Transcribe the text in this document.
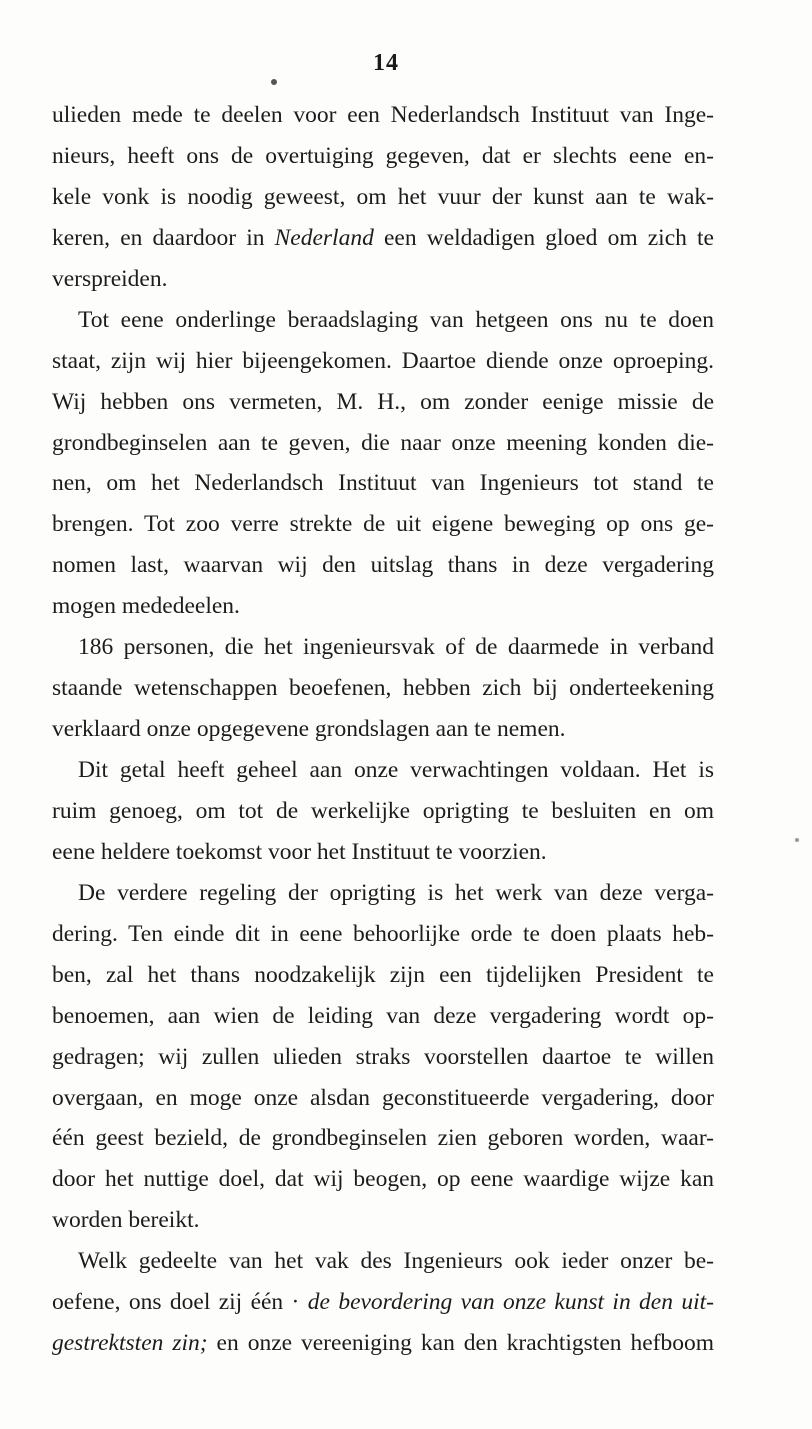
14
ulieden mede te deelen voor een Nederlandsch Instituut van Inge-
nieurs, heeft ons de overtuiging gegeven, dat er slechts eene en-
kele vonk is noodig geweest, om het vuur der kunst aan te wak-
keren, en daardoor in Nederland een weldadigen gloed om zich te
verspreiden.
Tot eene onderlinge beraadslaging van hetgeen ons nu te doen
staat, zijn wij hier bijeengekomen. Daartoe diende onze oproeping.
Wij hebben ons vermeten, M. H., om zonder eenige missie de
grondbeginselen aan te geven, die naar onze meening konden die-
nen, om het Nederlandsch Instituut van Ingenieurs tot stand te
brengen. Tot zoo verre strekte de uit eigene beweging op ons ge-
nomen last, waarvan wij den uitslag thans in deze vergadering
mogen mededeelen.
186 personen, die het ingenieursvak of de daarmede in verband
staande wetenschappen beoefenen, hebben zich bij onderteekening
verklaard onze opgegevene grondslagen aan te nemen.
Dit getal heeft geheel aan onze verwachtingen voldaan. Het is
ruim genoeg, om tot de werkelijke oprigting te besluiten en om
eene heldere toekomst voor het Instituut te voorzien.
De verdere regeling der oprigting is het werk van deze verga-
dering. Ten einde dit in eene behoorlijke orde te doen plaats heb-
ben, zal het thans noodzakelijk zijn een tijdelijken President te
benoemen, aan wien de leiding van deze vergadering wordt op-
gedragen; wij zullen ulieden straks voorstellen daartoe te willen
overgaan, en moge onze alsdan geconstitueerde vergadering, door
één geest bezield, de grondbeginselen zien geboren worden, waar-
door het nuttige doel, dat wij beogen, op eene waardige wijze kan
worden bereikt.
Welk gedeelte van het vak des Ingenieurs ook ieder onzer be-
oefene, ons doel zij één · de bevordering van onze kunst in den uit-
gestrektsten zin; en onze vereeniging kan den krachtigsten hefboom
